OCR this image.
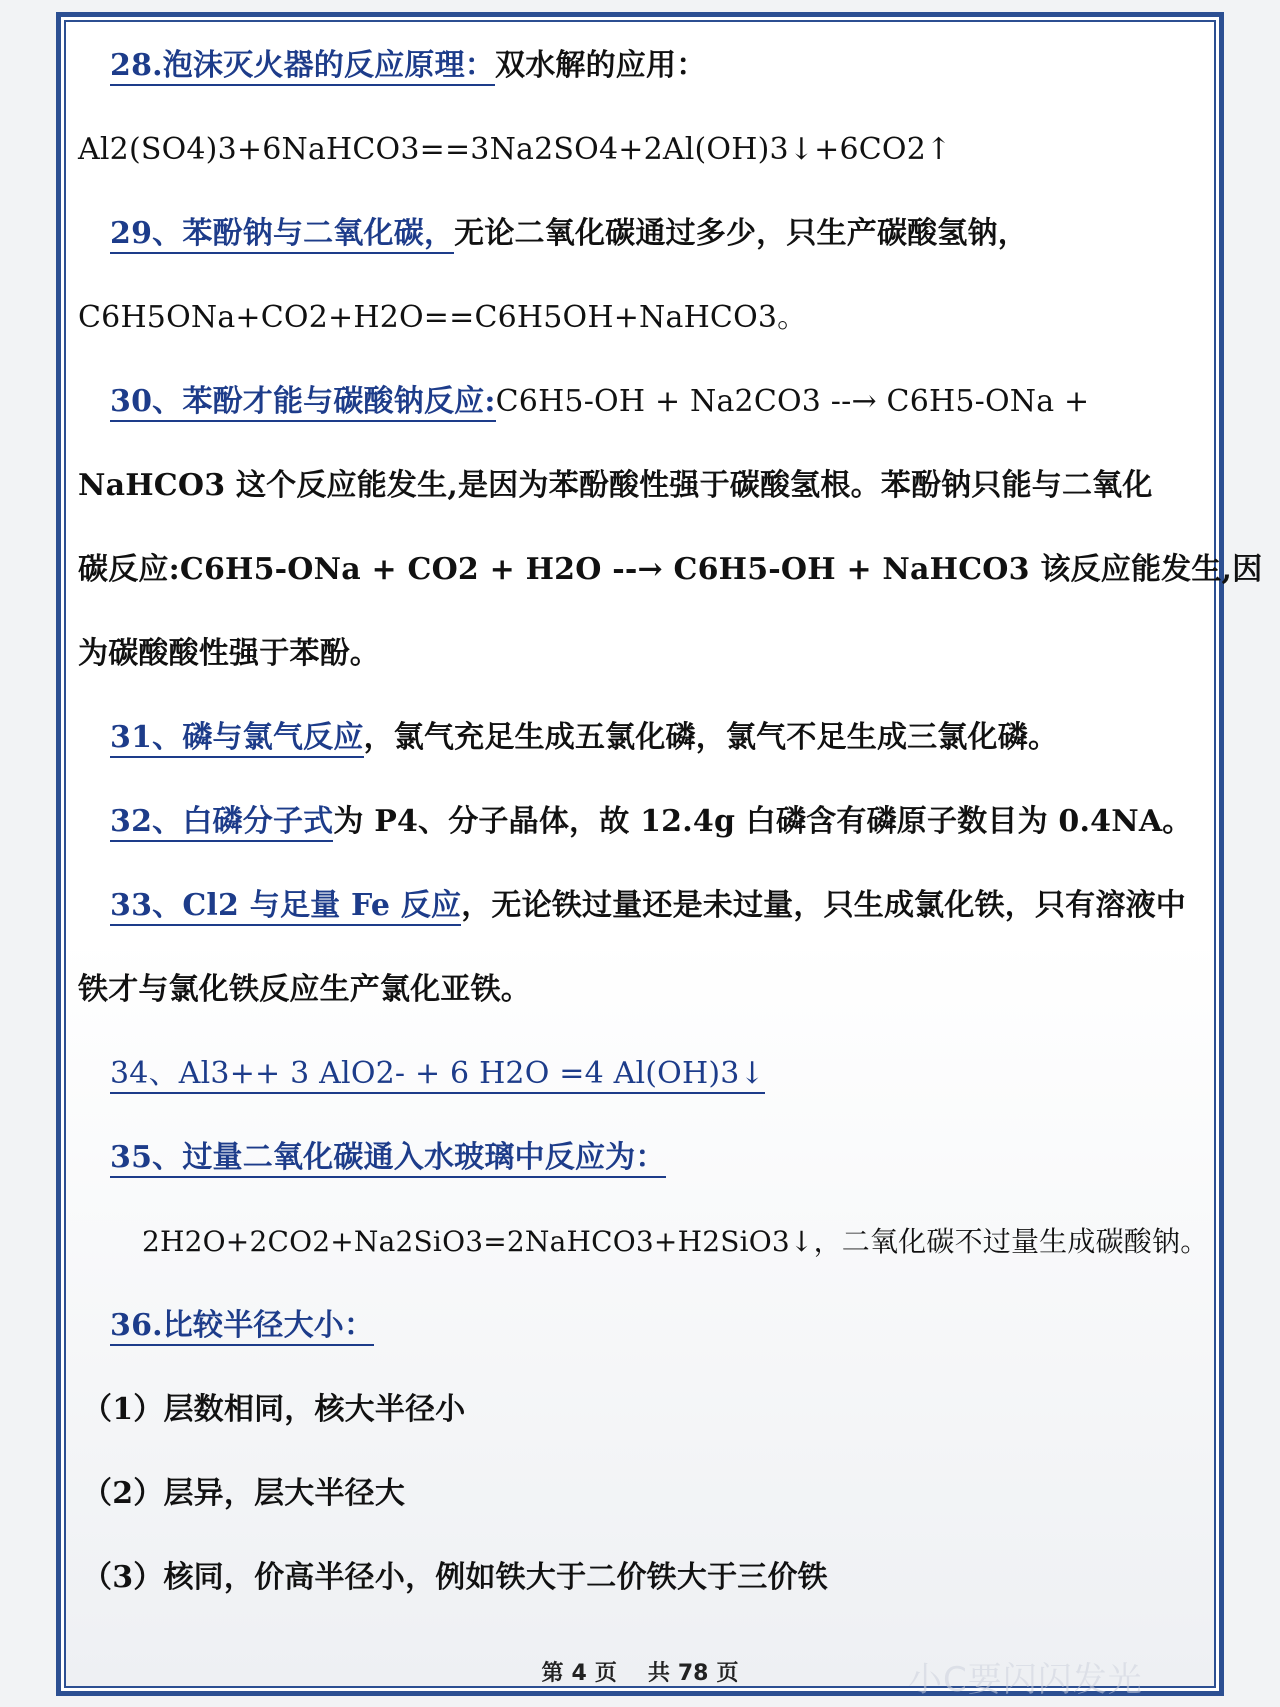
28.泡沫灭火器的反应原理：双水解的应用：
Al2(SO4)3+6NaHCO3==3Na2SO4+2Al(OH)3↓+6CO2↑
29、苯酚钠与二氧化碳，无论二氧化碳通过多少，只生产碳酸氢钠，
C6H5ONa+CO2+H2O==C6H5OH+NaHCO3。
30、苯酚才能与碳酸钠反应:C6H5-OH + Na2CO3 --→ C6H5-ONa +
NaHCO3 这个反应能发生,是因为苯酚酸性强于碳酸氢根。苯酚钠只能与二氧化
碳反应:C6H5-ONa + CO2 + H2O --→ C6H5-OH + NaHCO3 该反应能发生,因
为碳酸酸性强于苯酚。
31、磷与氯气反应，氯气充足生成五氯化磷，氯气不足生成三氯化磷。
32、白磷分子式为 P4、分子晶体，故 12.4g 白磷含有磷原子数目为 0.4NA。
33、Cl2 与足量 Fe 反应，无论铁过量还是未过量，只生成氯化铁，只有溶液中
铁才与氯化铁反应生产氯化亚铁。
34、Al3++ 3 AlO2- + 6 H2O =4 Al(OH)3↓
35、过量二氧化碳通入水玻璃中反应为：
2H2O+2CO2+Na2SiO3=2NaHCO3+H2SiO3↓，二氧化碳不过量生成碳酸钠。
36.比较半径大小：
（1）层数相同，核大半径小
（2）层异，层大半径大
（3）核同，价高半径小，例如铁大于二价铁大于三价铁
第 4 页 共 78 页	小C要闪闪发光
